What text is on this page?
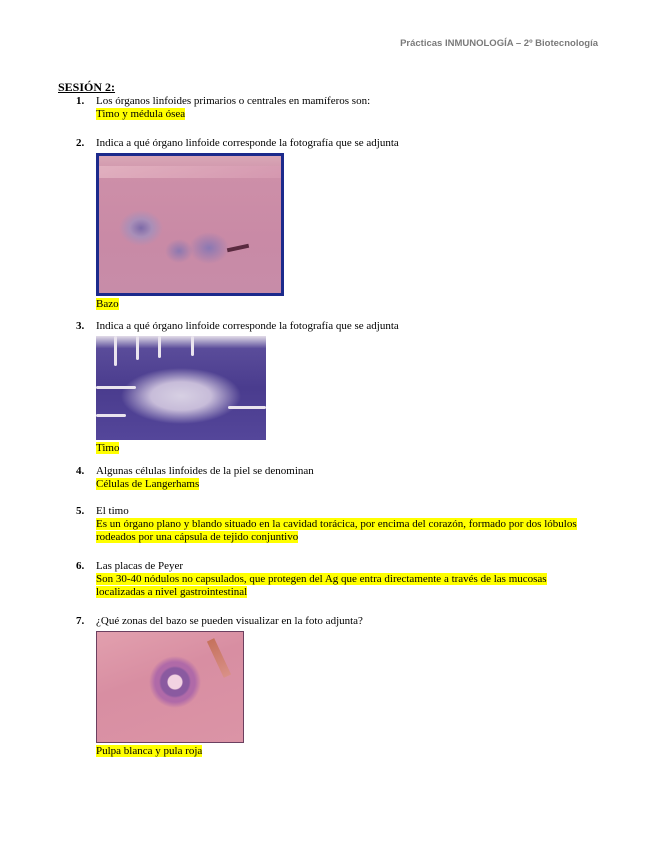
Prácticas INMUNOLOGÍA – 2º Biotecnología
SESIÓN 2:
1. Los órganos linfoides primarios o centrales en mamíferos son:
Timo y médula ósea
2. Indica a qué órgano linfoide corresponde la fotografía que se adjunta
Bazo
3. Indica a qué órgano linfoide corresponde la fotografía que se adjunta
Timo
4. Algunas células linfoides de la piel se denominan
Células de Langerhams
5. El timo
Es un órgano plano y blando situado en la cavidad torácica, por encima del corazón, formado por dos lóbulos rodeados por una cápsula de tejido conjuntivo
6. Las placas de Peyer
Son 30-40 nódulos no capsulados, que protegen del Ag que entra directamente a través de las mucosas localizadas a nivel gastrointestinal
7. ¿Qué zonas del bazo se pueden visualizar en la foto adjunta?
Pulpa blanca y pula roja
